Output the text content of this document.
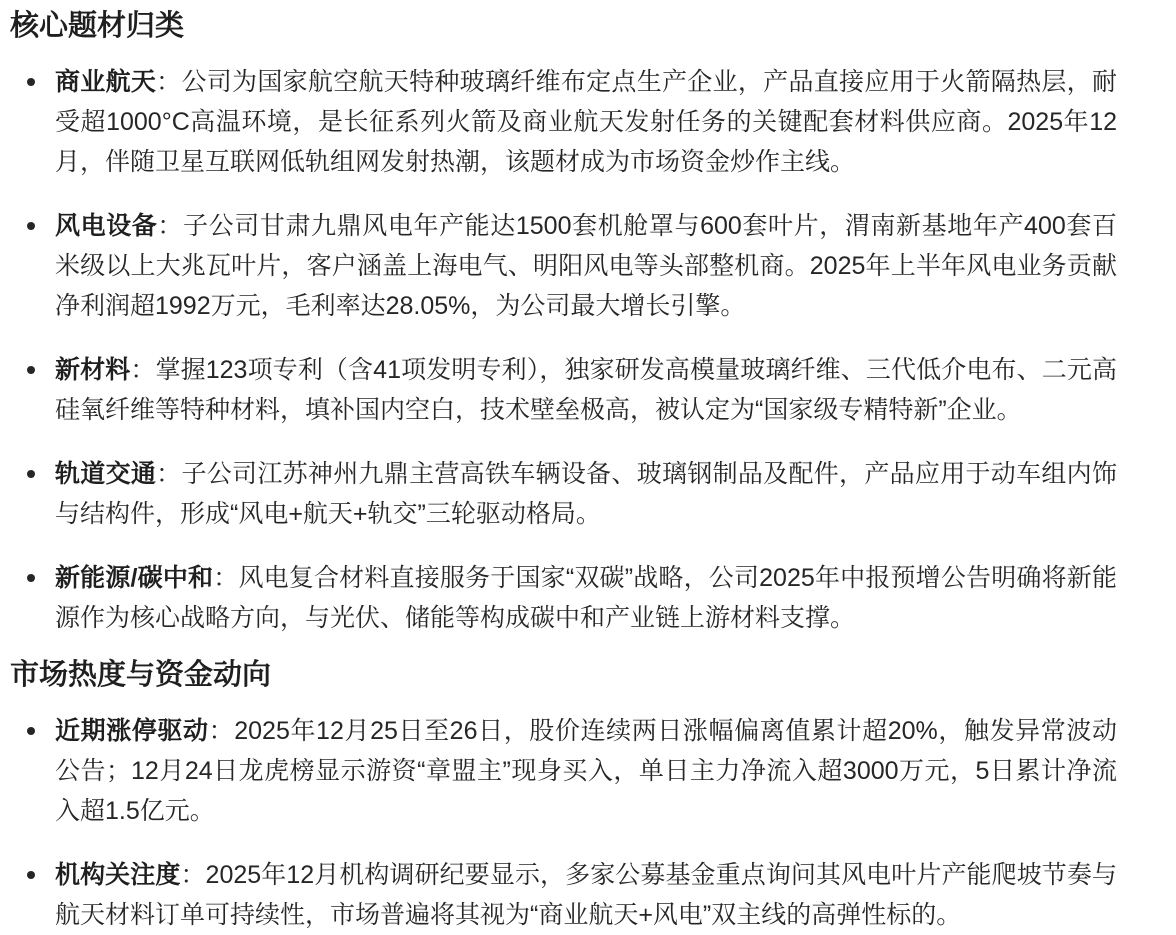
核心题材归类
商业航天：公司为国家航空航天特种玻璃纤维布定点生产企业，产品直接应用于火箭隔热层，耐受超1000°C高温环境，是长征系列火箭及商业航天发射任务的关键配套材料供应商。2025年12月，伴随卫星互联网低轨组网发射热潮，该题材成为市场资金炒作主线。
风电设备：子公司甘肃九鼎风电年产能达1500套机舱罩与600套叶片，渭南新基地年产400套百米级以上大兆瓦叶片，客户涵盖上海电气、明阳风电等头部整机商。2025年上半年风电业务贡献净利润超1992万元，毛利率达28.05%，为公司最大增长引擎。
新材料：掌握123项专利（含41项发明专利），独家研发高模量玻璃纤维、三代低介电布、二元高硅氧纤维等特种材料，填补国内空白，技术壁垒极高，被认定为“国家级专精特新”企业。
轨道交通：子公司江苏神州九鼎主营高铁车辆设备、玻璃钢制品及配件，产品应用于动车组内饰与结构件，形成“风电+航天+轨交”三轮驱动格局。
新能源/碳中和：风电复合材料直接服务于国家“双碳”战略，公司2025年中报预增公告明确将新能源作为核心战略方向，与光伏、储能等构成碳中和产业链上游材料支撑。
市场热度与资金动向
近期涨停驱动：2025年12月25日至26日，股价连续两日涨幅偏离值累计超20%，触发异常波动公告；12月24日龙虎榜显示游资“章盟主”现身买入，单日主力净流入超3000万元，5日累计净流入超1.5亿元。
机构关注度：2025年12月机构调研纪要显示，多家公募基金重点询问其风电叶片产能爬坡节奏与航天材料订单可持续性，市场普遍将其视为“商业航天+风电”双主线的高弹性标的。
